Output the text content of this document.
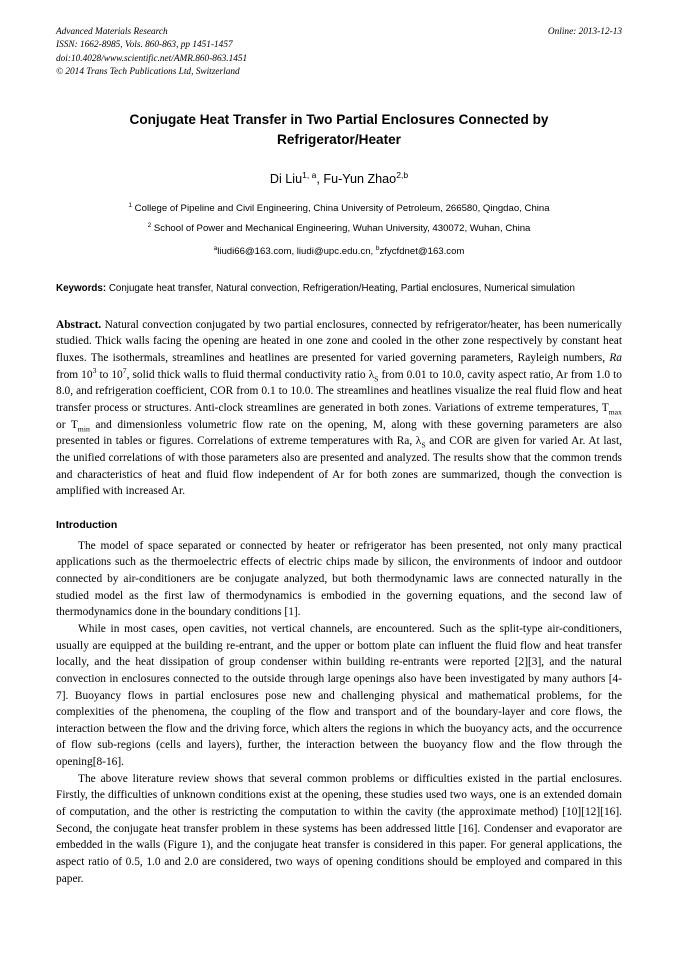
Advanced Materials Research
ISSN: 1662-8985, Vols. 860-863, pp 1451-1457
doi:10.4028/www.scientific.net/AMR.860-863.1451
© 2014 Trans Tech Publications Ltd, Switzerland
Online: 2013-12-13
Conjugate Heat Transfer in Two Partial Enclosures Connected by Refrigerator/Heater
Di Liu$^{1, a}$, Fu-Yun Zhao$^{2,b}$
$^1$ College of Pipeline and Civil Engineering, China University of Petroleum, 266580, Qingdao, China
$^2$ School of Power and Mechanical Engineering, Wuhan University, 430072, Wuhan, China
$^a$liudi66@163.com, liudi@upc.edu.cn, $^b$zfycfdnet@163.com
Keywords: Conjugate heat transfer, Natural convection, Refrigeration/Heating, Partial enclosures, Numerical simulation
Abstract. Natural convection conjugated by two partial enclosures, connected by refrigerator/heater, has been numerically studied. Thick walls facing the opening are heated in one zone and cooled in the other zone respectively by constant heat fluxes. The isothermals, streamlines and heatlines are presented for varied governing parameters, Rayleigh numbers, Ra from $10^3$ to $10^7$, solid thick walls to fluid thermal conductivity ratio $\lambda_S$ from 0.01 to 10.0, cavity aspect ratio, Ar from 1.0 to 8.0, and refrigeration coefficient, COR from 0.1 to 10.0. The streamlines and heatlines visualize the real fluid flow and heat transfer process or structures. Anti-clock streamlines are generated in both zones. Variations of extreme temperatures, $T_{max}$ or $T_{min}$ and dimensionless volumetric flow rate on the opening, M, along with these governing parameters are also presented in tables or figures. Correlations of extreme temperatures with Ra, $\lambda_S$ and COR are given for varied Ar. At last, the unified correlations of with those parameters also are presented and analyzed. The results show that the common trends and characteristics of heat and fluid flow independent of Ar for both zones are summarized, though the convection is amplified with increased Ar.
Introduction
The model of space separated or connected by heater or refrigerator has been presented, not only many practical applications such as the thermoelectric effects of electric chips made by silicon, the environments of indoor and outdoor connected by air-conditioners are be conjugate analyzed, but both thermodynamic laws are connected naturally in the studied model as the first law of thermodynamics is embodied in the governing equations, and the second law of thermodynamics done in the boundary conditions [1].
While in most cases, open cavities, not vertical channels, are encountered. Such as the split-type air-conditioners, usually are equipped at the building re-entrant, and the upper or bottom plate can influent the fluid flow and heat transfer locally, and the heat dissipation of group condenser within building re-entrants were reported [2][3], and the natural convection in enclosures connected to the outside through large openings also have been investigated by many authors [4-7]. Buoyancy flows in partial enclosures pose new and challenging physical and mathematical problems, for the complexities of the phenomena, the coupling of the flow and transport and of the boundary-layer and core flows, the interaction between the flow and the driving force, which alters the regions in which the buoyancy acts, and the occurrence of flow sub-regions (cells and layers), further, the interaction between the buoyancy flow and the flow through the opening[8-16].
The above literature review shows that several common problems or difficulties existed in the partial enclosures. Firstly, the difficulties of unknown conditions exist at the opening, these studies used two ways, one is an extended domain of computation, and the other is restricting the computation to within the cavity (the approximate method) [10][12][16]. Second, the conjugate heat transfer problem in these systems has been addressed little [16]. Condenser and evaporator are embedded in the walls (Figure 1), and the conjugate heat transfer is considered in this paper. For general applications, the aspect ratio of 0.5, 1.0 and 2.0 are considered, two ways of opening conditions should be employed and compared in this paper.
